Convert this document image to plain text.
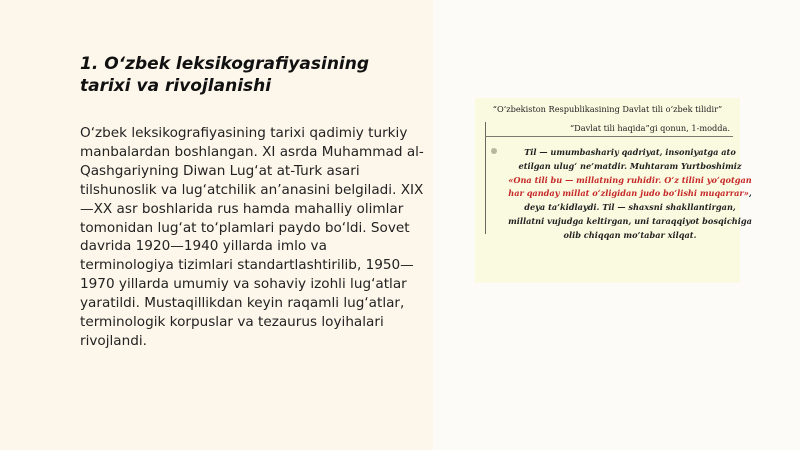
1. O‘zbek leksikografiyasining tarixi va rivojlanishi

O‘zbek leksikografiyasining tarixi qadimiy turkiy manbalardan boshlangan. XI asrda Muhammad al-Qashgariyning Diwan Lug‘at at-Turk asari tilshunoslik va lug‘atchilik an’anasini belgiladi. XIX—XX asr boshlarida rus hamda mahalliy olimlar tomonidan lug‘at to‘plamlari paydo bo‘ldi. Sovet davrida 1920—1940 yillarda imlo va terminologiya tizimlari standartlashtirilib, 1950—1970 yillarda umumiy va sohaviy izohli lug‘atlar yaratildi. Mustaqillikdan keyin raqamli lug‘atlar, terminologik korpuslar va tezaurus loyihalari rivojlandi.

“O‘zbekiston Respublikasining Davlat tili o‘zbek tilidir”

“Davlat tili haqida”gi qonun, 1-modda.

Til — umumbashariy qadriyat, insoniyatga ato etilgan ulug‘ ne’matdir. Muhtaram Yurtboshimiz «Ona tili bu — millatning ruhidir. O‘z tilini yo‘qotgan har qanday millat o‘zligidan judo bo‘lishi muqarrar», deya ta’kidlaydi. Til — shaxsni shakllantirgan, millatni vujudga keltirgan, uni taraqqiyot bosqichiga olib chiqqan mo’tabar xilqat.
